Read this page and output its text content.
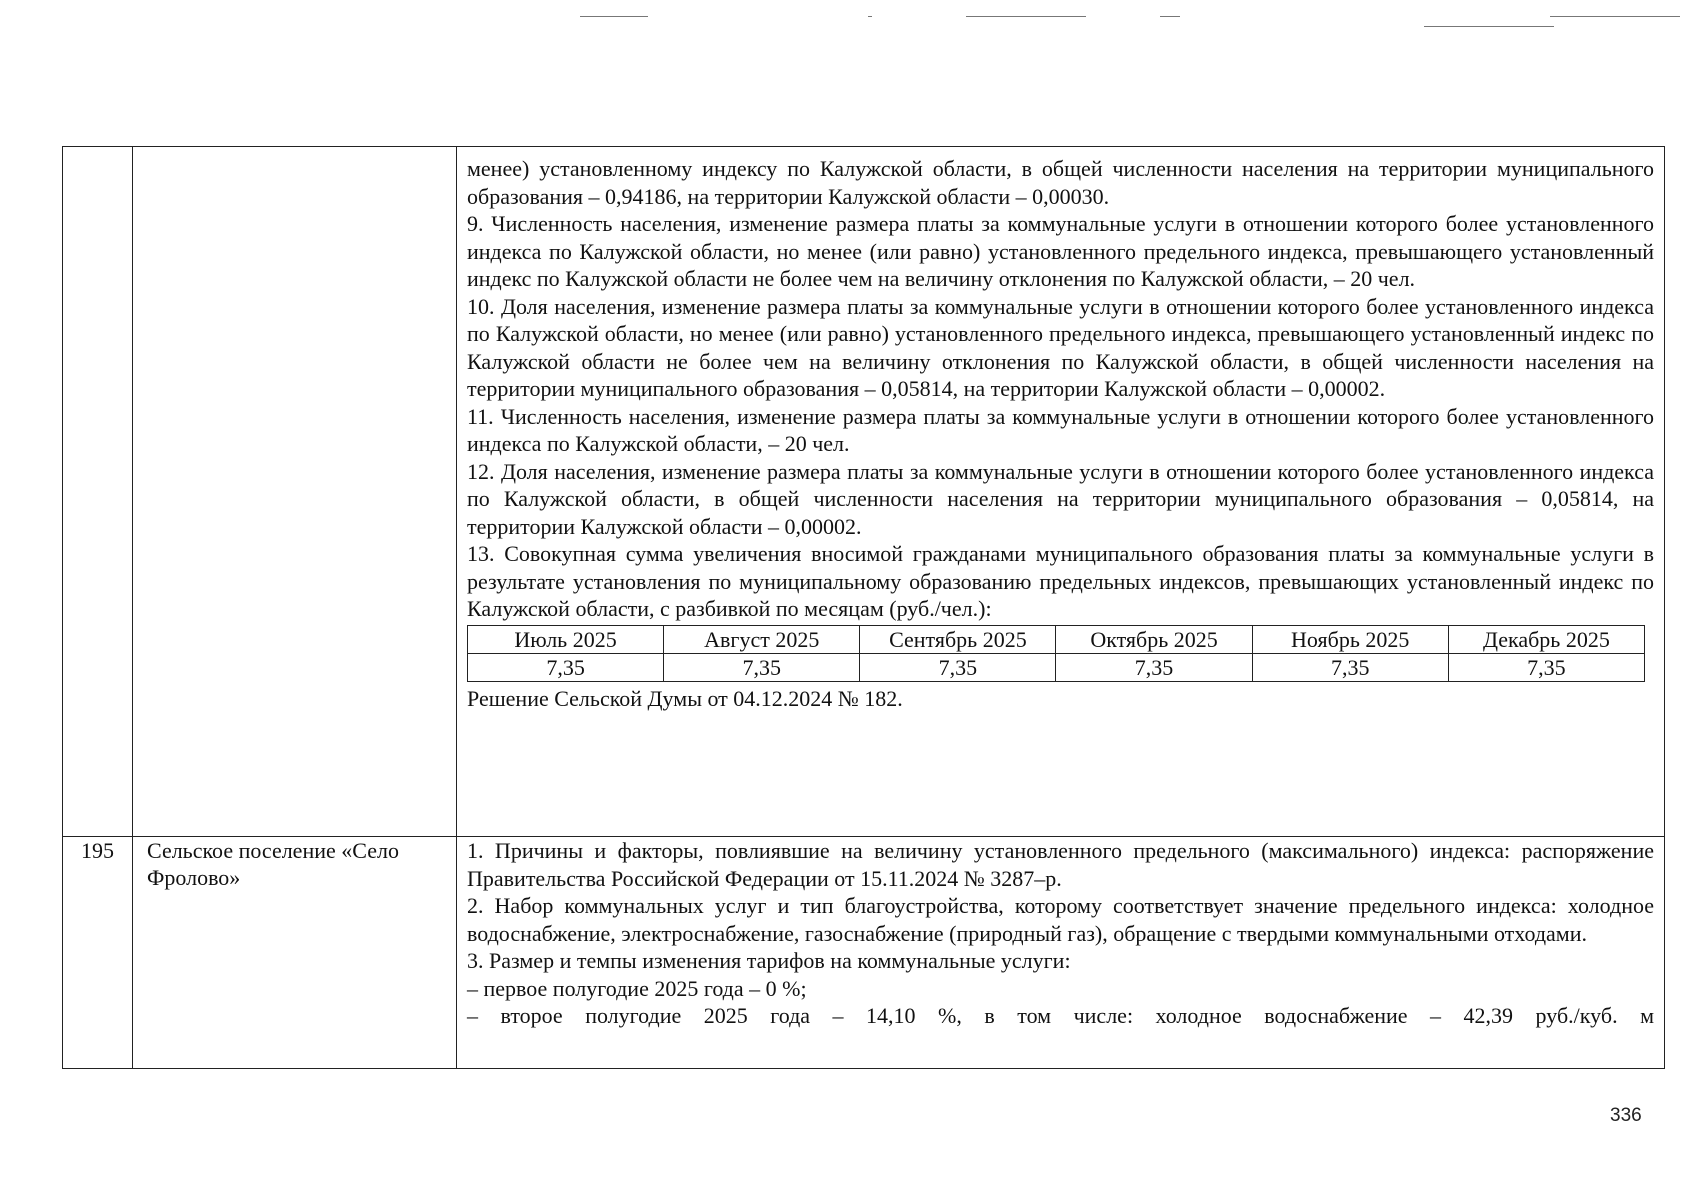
менее) установленному индексу по Калужской области, в общей численности населения на территории муниципального образования – 0,94186, на территории Калужской области – 0,00030.

9. Численность населения, изменение размера платы за коммунальные услуги в отношении которого более установленного индекса по Калужской области, но менее (или равно) установленного предельного индекса, превышающего установленный индекс по Калужской области не более чем на величину отклонения по Калужской области, – 20 чел.

10. Доля населения, изменение размера платы за коммунальные услуги в отношении которого более установленного индекса по Калужской области, но менее (или равно) установленного предельного индекса, превышающего установленный индекс по Калужской области не более чем на величину отклонения по Калужской области, в общей численности населения на территории муниципального образования – 0,05814, на территории Калужской области – 0,00002.

11. Численность населения, изменение размера платы за коммунальные услуги в отношении которого более установленного индекса по Калужской области, – 20 чел.

12. Доля населения, изменение размера платы за коммунальные услуги в отношении которого более установленного индекса по Калужской области, в общей численности населения на территории муниципального образования – 0,05814, на территории Калужской области – 0,00002.

13. Совокупная сумма увеличения вносимой гражданами муниципального образования платы за коммунальные услуги в результате установления по муниципальному образованию предельных индексов, превышающих установленный индекс по Калужской области, с разбивкой по месяцам (руб./чел.):

Июль 2025	Август 2025	Сентябрь 2025	Октябрь 2025	Ноябрь 2025	Декабрь 2025
7,35	7,35	7,35	7,35	7,35	7,35
Решение Сельской Думы от 04.12.2024 № 182.

195	Сельское поселение «Село Фролово»

1. Причины и факторы, повлиявшие на величину установленного предельного (максимального) индекса: распоряжение Правительства Российской Федерации от 15.11.2024 № 3287–р.

2. Набор коммунальных услуг и тип благоустройства, которому соответствует значение предельного индекса: холодное водоснабжение, электроснабжение, газоснабжение (природный газ), обращение с твердыми коммунальными отходами.

3. Размер и темпы изменения тарифов на коммунальные услуги:

– первое полугодие 2025 года – 0 %;

– второе полугодие 2025 года – 14,10 %, в том числе: холодное водоснабжение – 42,39 руб./куб. м

336
